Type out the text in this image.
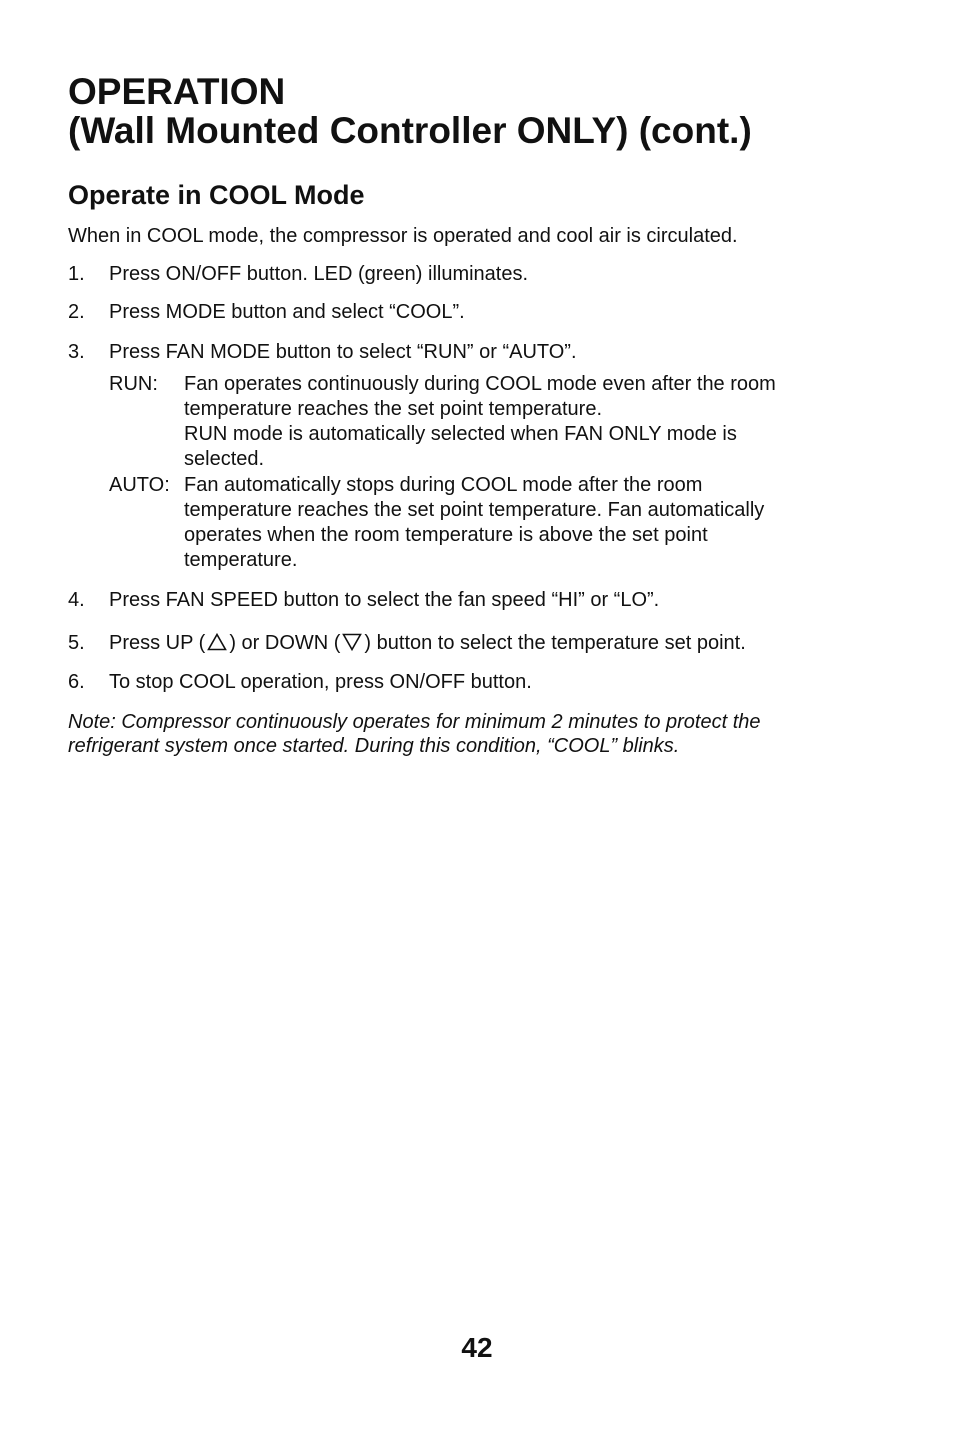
OPERATION
(Wall Mounted Controller ONLY) (cont.)
Operate in COOL Mode

When in COOL mode, the compressor is operated and cool air is circulated.

1. Press ON/OFF button. LED (green) illuminates.
2. Press MODE button and select “COOL”.
3. Press FAN MODE button to select “RUN” or “AUTO”.
RUN:	Fan operates continuously during COOL mode even after the room
temperature reaches the set point temperature.
RUN mode is automatically selected when FAN ONLY mode is
selected.
AUTO: Fan automatically stops during COOL mode after the room
temperature reaches the set point temperature. Fan automatically
operates when the room temperature is above the set point
temperature.
4. Press FAN SPEED button to select the fan speed “HI” or “LO”.
5. Press UP ( ) or DOWN ( ) button to select the temperature set point.
6. To stop COOL operation, press ON/OFF button.

Note: Compressor continuously operates for minimum 2 minutes to protect the
refrigerant system once started. During this condition, “COOL” blinks.

42
